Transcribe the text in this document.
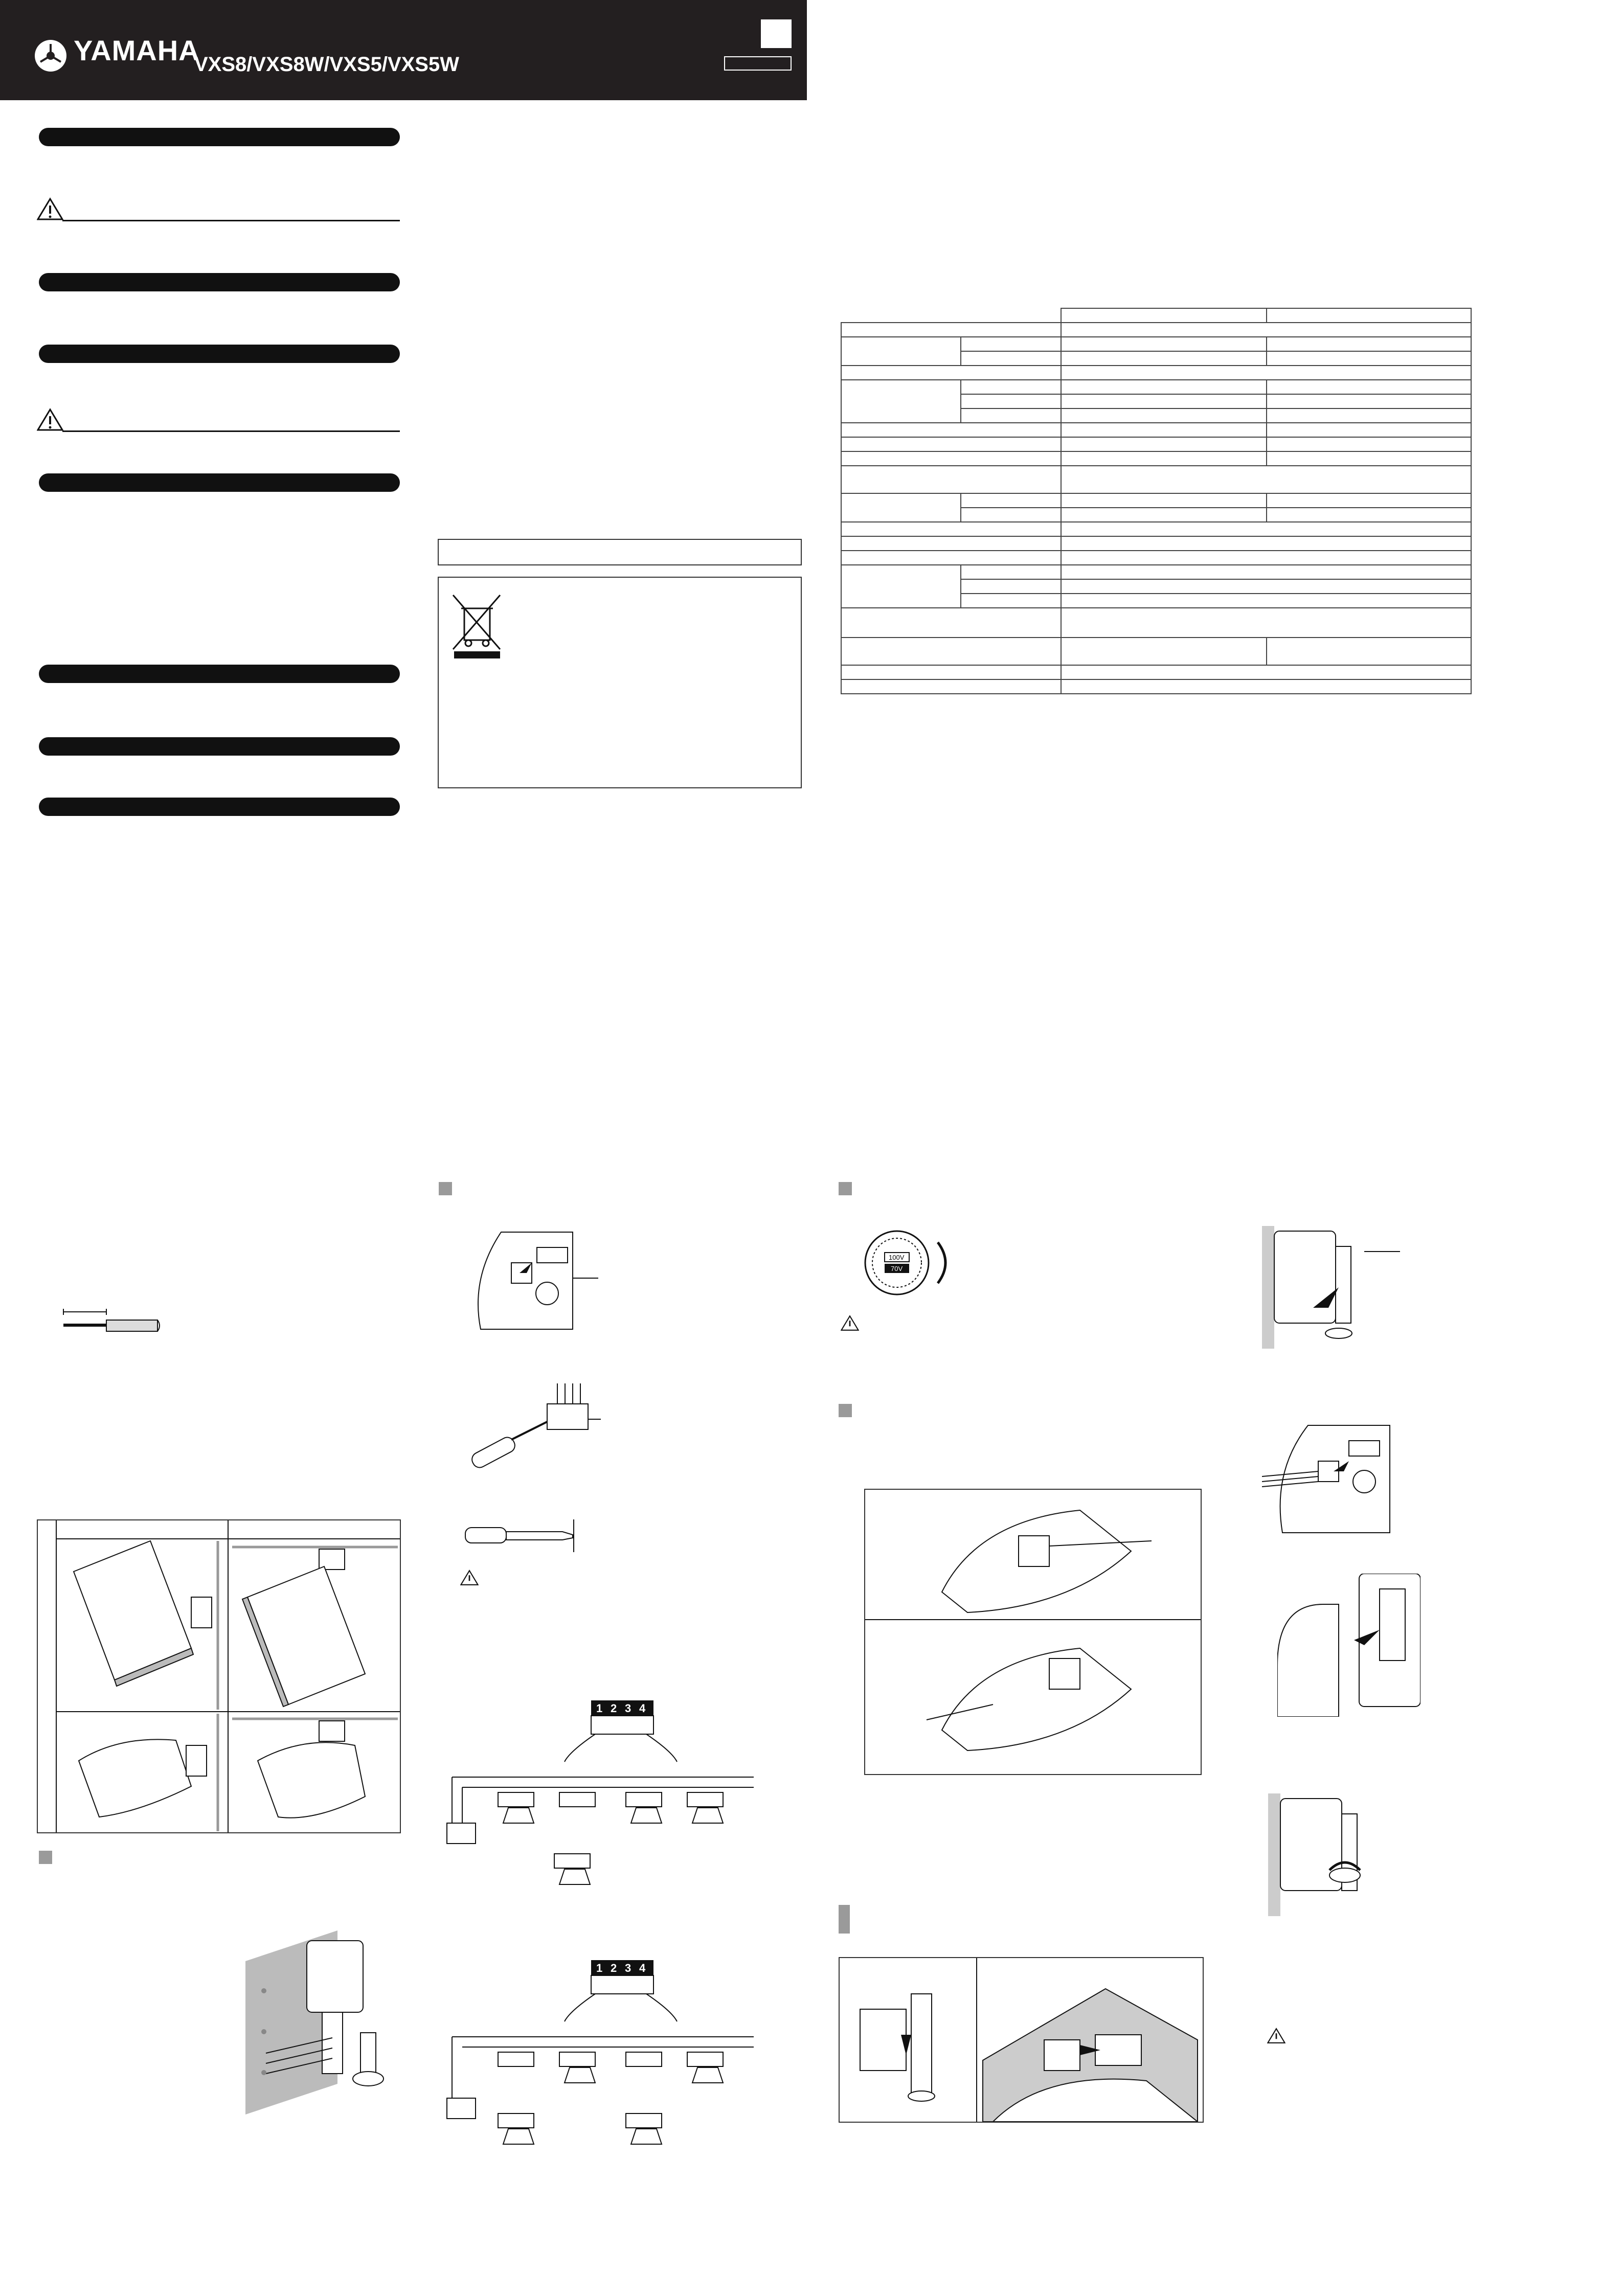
YAMAHA
VXS8/VXS8W/VXS5/VXS5W

1 2 3 4
1 2 3 4
100V
70V
